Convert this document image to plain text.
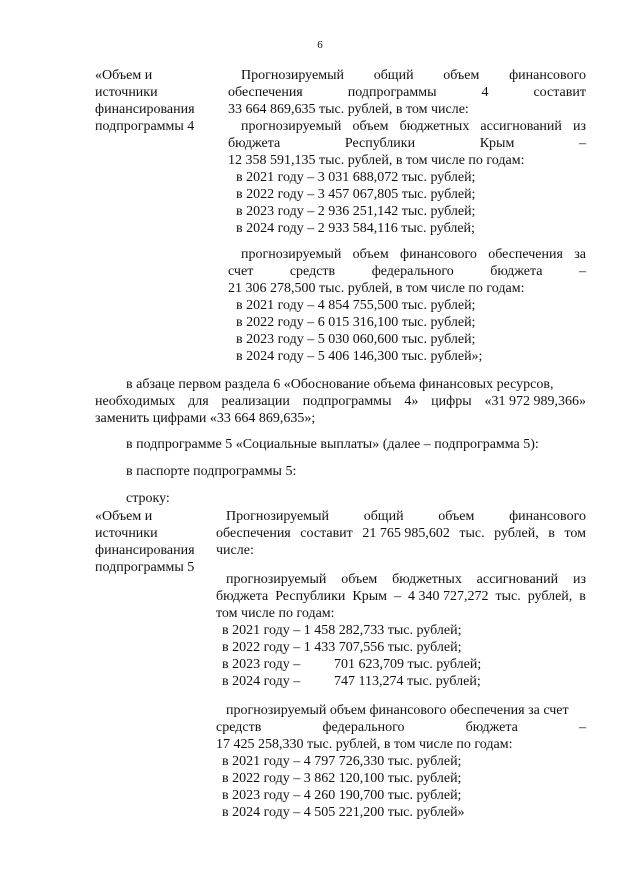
6
«Объем и
источники
финансирования
подпрограммы 4
Прогнозируемый общий объем финансового
обеспечения	подпрограммы	4	составит
33 664 869,635 тыс. рублей, в том числе:
прогнозируемый объем бюджетных ассигнований из
бюджета	Республики	Крым	–
12 358 591,135 тыс. рублей, в том числе по годам:
в 2021 году – 3 031 688,072 тыс. рублей;
в 2022 году – 3 457 067,805 тыс. рублей;
в 2023 году – 2 936 251,142 тыс. рублей;
в 2024 году – 2 933 584,116 тыс. рублей;
прогнозируемый объем финансового обеспечения за
счет	средств	федерального	бюджета	–
21 306 278,500 тыс. рублей, в том числе по годам:
в 2021 году – 4 854 755,500 тыс. рублей;
в 2022 году – 6 015 316,100 тыс. рублей;
в 2023 году – 5 030 060,600 тыс. рублей;
в 2024 году – 5 406 146,300 тыс. рублей»;
в абзаце первом раздела 6 «Обоснование объема финансовых ресурсов,
необходимых для реализации подпрограммы 4» цифры «31 972 989,366»
заменить цифрами «33 664 869,635»;
в подпрограмме 5 «Социальные выплаты» (далее – подпрограмма 5):
в паспорте подпрограммы 5:
строку:
«Объем и
источники
финансирования
подпрограммы 5
Прогнозируемый общий объем финансового
обеспечения составит 21 765 985,602 тыс. рублей, в том
числе:
прогнозируемый объем бюджетных ассигнований из
бюджета Республики Крым – 4 340 727,272 тыс. рублей, в
том числе по годам:
в 2021 году – 1 458 282,733 тыс. рублей;
в 2022 году – 1 433 707,556 тыс. рублей;
в 2023 году –701 623,709 тыс. рублей;
в 2024 году –747 113,274 тыс. рублей;
прогнозируемый объем финансового обеспечения за счет
средств	федерального	бюджета	–
17 425 258,330 тыс. рублей, в том числе по годам:
в 2021 году – 4 797 726,330 тыс. рублей;
в 2022 году – 3 862 120,100 тыс. рублей;
в 2023 году – 4 260 190,700 тыс. рублей;
в 2024 году – 4 505 221,200 тыс. рублей»
